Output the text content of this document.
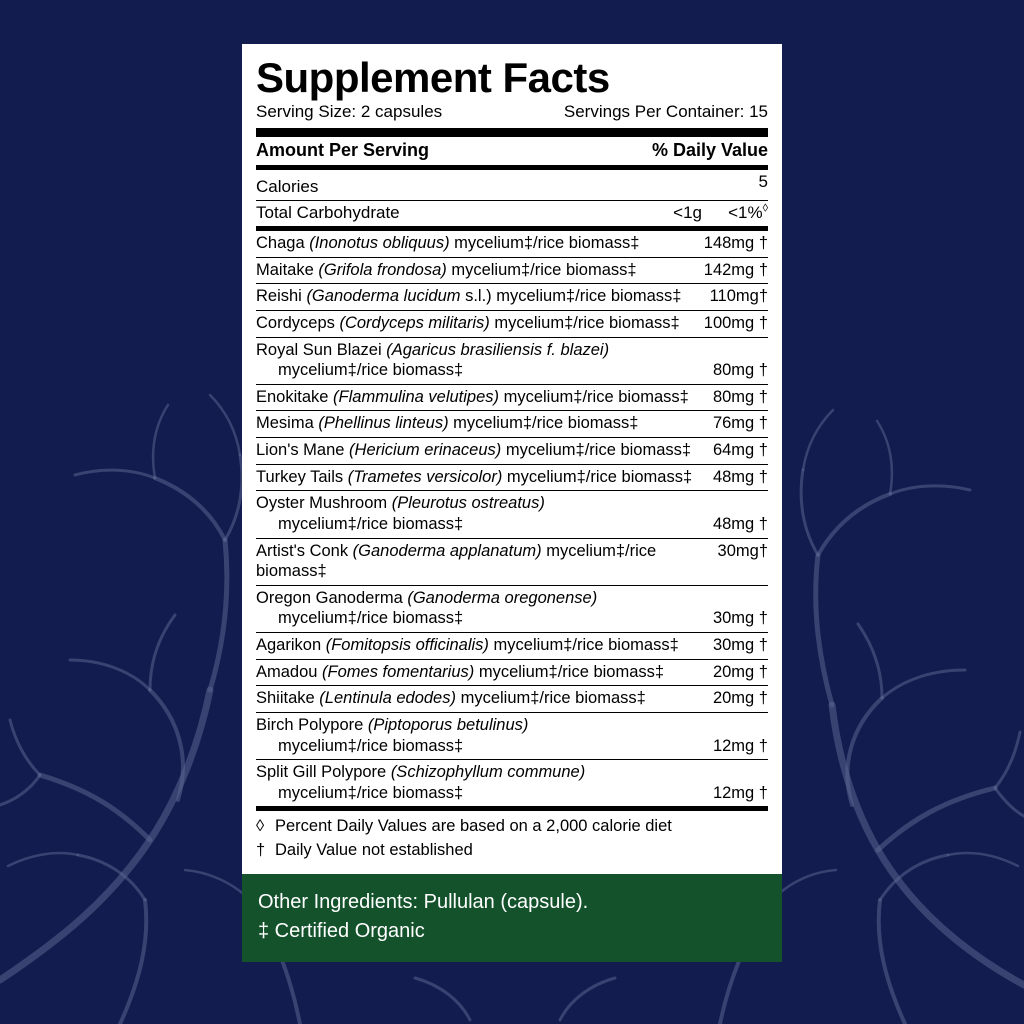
Supplement Facts
Serving Size: 2 capsules	Servings Per Container: 15
Amount Per Serving	% Daily Value
Calories	5
Total Carbohydrate	<1g	<1%◊
Chaga (Inonotus obliquus) mycelium‡/rice biomass‡	148mg †
Maitake (Grifola frondosa) mycelium‡/rice biomass‡	142mg †
Reishi (Ganoderma lucidum s.l.) mycelium‡/rice biomass‡	110mg†
Cordyceps (Cordyceps militaris) mycelium‡/rice biomass‡	100mg †
Royal Sun Blazei (Agaricus brasiliensis f. blazei)
mycelium‡/rice biomass‡	80mg †
Enokitake (Flammulina velutipes) mycelium‡/rice biomass‡	80mg †
Mesima (Phellinus linteus) mycelium‡/rice biomass‡	76mg †
Lion's Mane (Hericium erinaceus) mycelium‡/rice biomass‡	64mg †
Turkey Tails (Trametes versicolor) mycelium‡/rice biomass‡	48mg †
Oyster Mushroom (Pleurotus ostreatus)
mycelium‡/rice biomass‡	48mg †
Artist's Conk (Ganoderma applanatum) mycelium‡/rice biomass‡
30mg†
Oregon Ganoderma (Ganoderma oregonense)
mycelium‡/rice biomass‡	30mg †
Agarikon (Fomitopsis officinalis) mycelium‡/rice biomass‡	30mg †
Amadou (Fomes fomentarius) mycelium‡/rice biomass‡	20mg †
Shiitake (Lentinula edodes) mycelium‡/rice biomass‡	20mg †
Birch Polypore (Piptoporus betulinus)
mycelium‡/rice biomass‡	12mg †
Split Gill Polypore (Schizophyllum commune)
mycelium‡/rice biomass‡	12mg †
◊ Percent Daily Values are based on a 2,000 calorie diet
† Daily Value not established
Other Ingredients: Pullulan (capsule).
‡ Certified Organic
